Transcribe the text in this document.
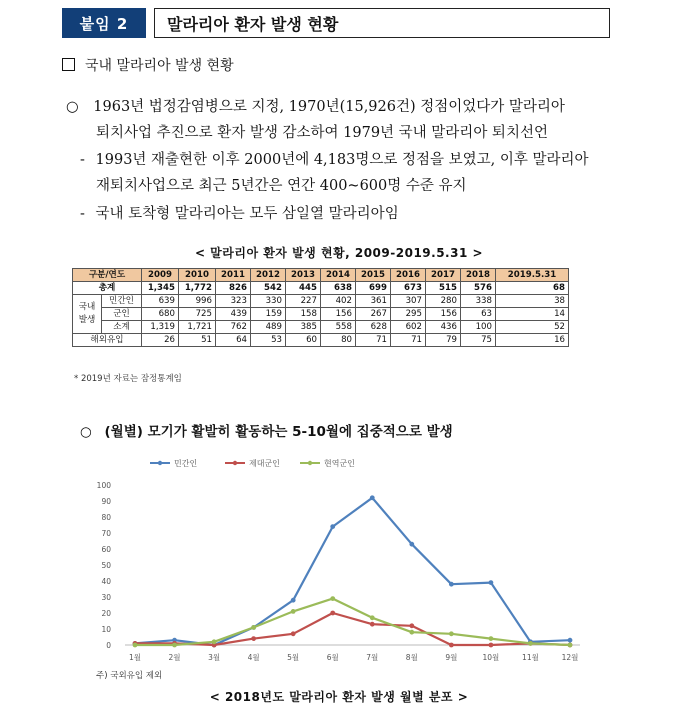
붙임 2	말라리아 환자 발생 현황
국내 말라리아 발생 현황
○ 1963년 법정감염병으로 지정, 1970년(15,926건) 정점이었다가 말라리아
퇴치사업 추진으로 환자 발생 감소하여 1979년 국내 말라리아 퇴치선언
- 1993년 재출현한 이후 2000년에 4,183명으로 정점을 보였고, 이후 말라리아
재퇴치사업으로 최근 5년간은 연간 400~600명 수준 유지
- 국내 토착형 말라리아는 모두 삼일열 말라리아임
< 말라리아 환자 발생 현황, 2009-2019.5.31 >
구분/연도		2009	2010	2011	2012	2013	2014	2015	2016	2017	2018	2019.5.31
총계		1,345	1,772	826	542	445	638	699	673	515	576	68
국내
발생	민간인	639	996	323	330	227	402	361	307	280	338	38
	군인	680	725	439	159	158	156	267	295	156	63	14
	소계	1,319	1,721	762	489	385	558	628	602	436	100	52
해외유입		26	51	64	53	60	80	71	71	79	75	16
* 2019년 자료는 잠정통계임
○ (월별) 모기가 활발히 활동하는 5-10월에 집중적으로 발생
0
10
20
30
40
50
60
70
80
90
100
1월	2월	3월	4월	5월	6월	7월	8월	9월	10월	11월	12월
민간인	제대군인	현역군인
주) 국외유입 제외
< 2018년도 말라리아 환자 발생 월별 분포 >
